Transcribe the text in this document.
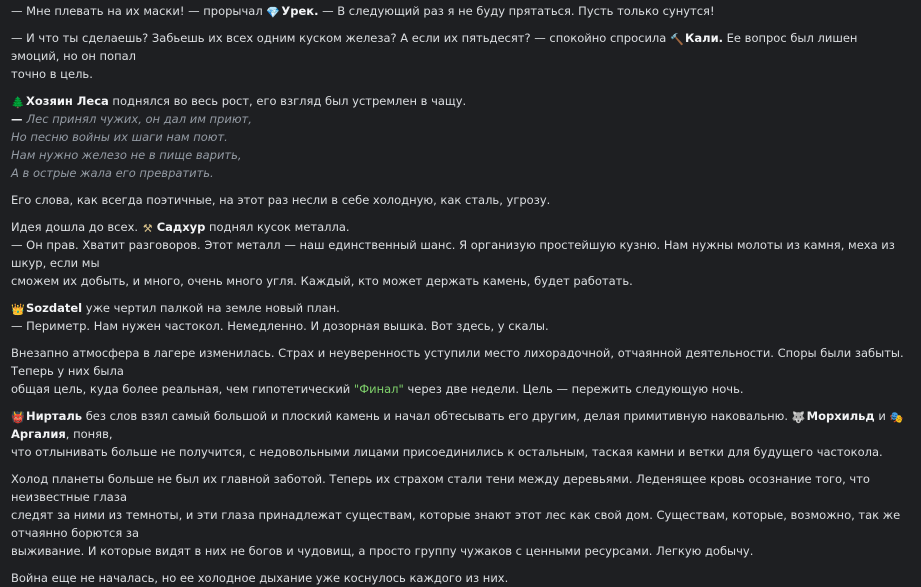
— Мне плевать на их маски! — прорычал 💎Урек. — В следующий раз я не буду прятаться. Пусть только сунутся!

— И что ты сделаешь? Забьешь их всех одним куском железа? А если их пятьдесят? — спокойно спросила 🔨Кали. Ее вопрос был лишен эмоций, но он попал
точно в цель.

🌲Хозяин Леса поднялся во весь рост, его взгляд был устремлен в чащу.
— Лес принял чужих, он дал им приют,
Но песню войны их шаги нам поют.
Нам нужно железо не в пище варить,
А в острые жала его превратить.

Его слова, как всегда поэтичные, на этот раз несли в себе холодную, как сталь, угрозу.

Идея дошла до всех. ⚒ Садхур поднял кусок металла.
— Он прав. Хватит разговоров. Этот металл — наш единственный шанс. Я организую простейшую кузню. Нам нужны молоты из камня, меха из шкур, если мы
сможем их добыть, и много, очень много угля. Каждый, кто может держать камень, будет работать.

👑Sozdatel уже чертил палкой на земле новый план.
— Периметр. Нам нужен частокол. Немедленно. И дозорная вышка. Вот здесь, у скалы.

Внезапно атмосфера в лагере изменилась. Страх и неуверенность уступили место лихорадочной, отчаянной деятельности. Споры были забыты. Теперь у них была
общая цель, куда более реальная, чем гипотетический "Финал" через две недели. Цель — пережить следующую ночь.

👹Нирталь без слов взял самый большой и плоский камень и начал обтесывать его другим, делая примитивную наковальню. 🐺Морхильд и 🎭Аргалия, поняв,
что отлынивать больше не получится, с недовольными лицами присоединились к остальным, таская камни и ветки для будущего частокола.

Холод планеты больше не был их главной заботой. Теперь их страхом стали тени между деревьями. Леденящее кровь осознание того, что неизвестные глаза
следят за ними из темноты, и эти глаза принадлежат существам, которые знают этот лес как свой дом. Существам, которые, возможно, так же отчаянно борются за
выживание. И которые видят в них не богов и чудовищ, а просто группу чужаков с ценными ресурсами. Легкую добычу.

Война еще не началась, но ее холодное дыхание уже коснулось каждого из них.
